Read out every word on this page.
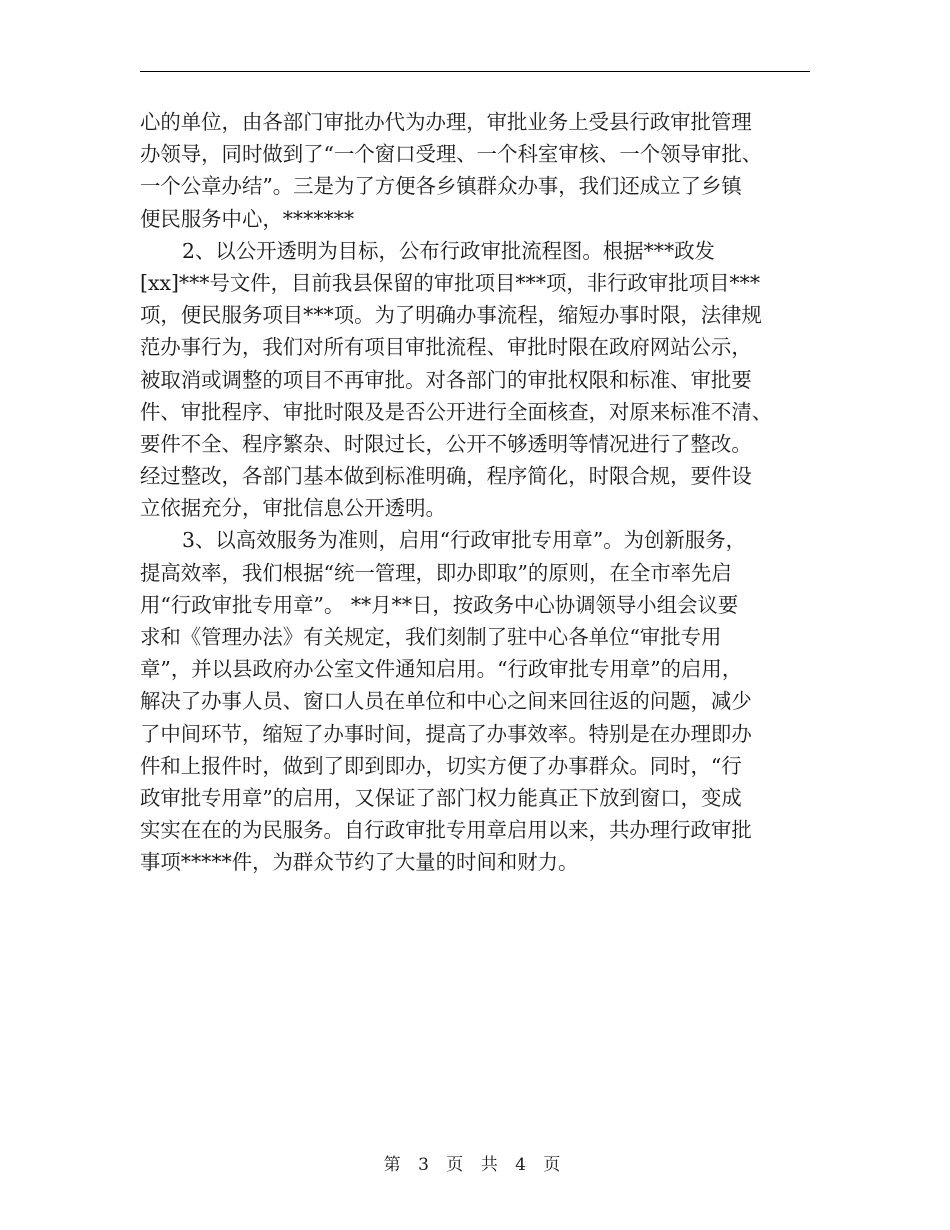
心的单位，由各部门审批办代为办理，审批业务上受县行政审批管理
办领导，同时做到了“一个窗口受理、一个科室审核、一个领导审批、
一个公章办结”。三是为了方便各乡镇群众办事，我们还成立了乡镇
便民服务中心，*******
2、以公开透明为目标，公布行政审批流程图。根据***政发
[xx]***号文件，目前我县保留的审批项目***项，非行政审批项目***
项，便民服务项目***项。为了明确办事流程，缩短办事时限，法律规
范办事行为，我们对所有项目审批流程、审批时限在政府网站公示，
被取消或调整的项目不再审批。对各部门的审批权限和标准、审批要
件、审批程序、审批时限及是否公开进行全面核查，对原来标准不清、
要件不全、程序繁杂、时限过长，公开不够透明等情况进行了整改。
经过整改，各部门基本做到标准明确，程序简化，时限合规，要件设
立依据充分，审批信息公开透明。
3、以高效服务为准则，启用“行政审批专用章”。为创新服务，
提高效率，我们根据“统一管理，即办即取”的原则，在全市率先启
用“行政审批专用章”。 **月**日，按政务中心协调领导小组会议要
求和《管理办法》有关规定，我们刻制了驻中心各单位“审批专用
章”，并以县政府办公室文件通知启用。“行政审批专用章”的启用，
解决了办事人员、窗口人员在单位和中心之间来回往返的问题，减少
了中间环节，缩短了办事时间，提高了办事效率。特别是在办理即办
件和上报件时，做到了即到即办，切实方便了办事群众。同时，“行
政审批专用章”的启用，又保证了部门权力能真正下放到窗口，变成
实实在在的为民服务。自行政审批专用章启用以来，共办理行政审批
事项*****件，为群众节约了大量的时间和财力。
第 3 页 共 4 页
